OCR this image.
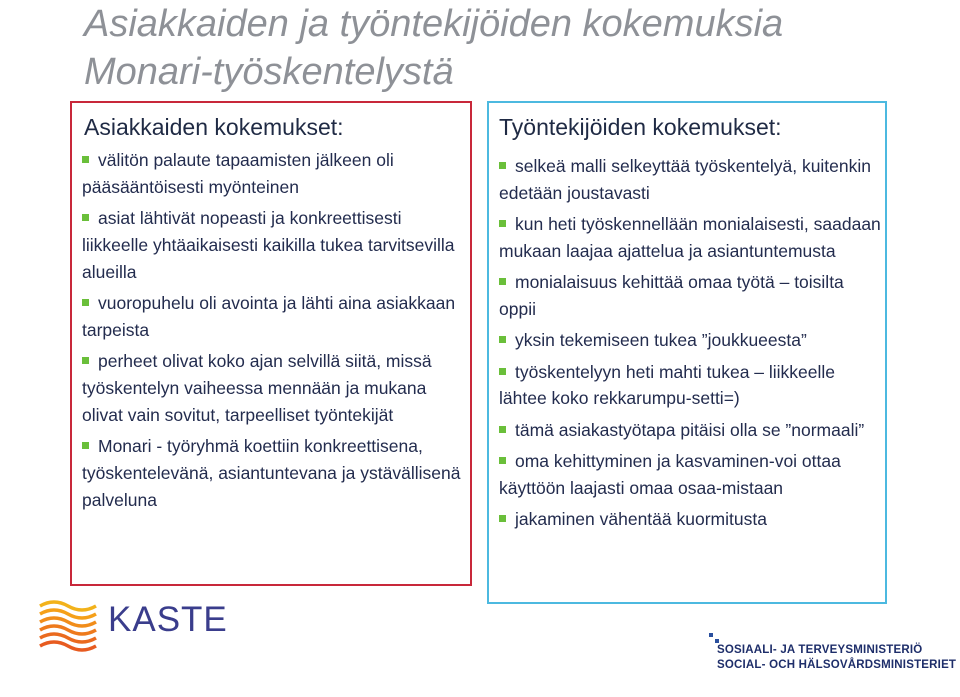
Asiakkaiden ja työntekijöiden kokemuksia
Monari-työskentelystä
Asiakkaiden kokemukset:
välitön palaute tapaamisten jälkeen oli pääsääntöisesti myönteinen
asiat lähtivät nopeasti ja konkreettisesti liikkeelle yhtäaikaisesti kaikilla tukea tarvitsevilla alueilla
vuoropuhelu oli avointa ja lähti aina asiakkaan tarpeista
perheet olivat koko ajan selvillä siitä, missä työskentelyn vaiheessa mennään ja mukana olivat vain sovitut, tarpeelliset työntekijät
Monari - työryhmä koettiin konkreettisena, työskentelevänä, asiantuntevana ja ystävällisenä palveluna
Työntekijöiden kokemukset:
selkeä malli selkeyttää työskentelyä, kuitenkin edetään joustavasti
kun heti työskennellään monialaisesti, saadaan mukaan laajaa ajattelua ja asiantuntemusta
monialaisuus kehittää omaa työtä – toisilta oppii
yksin tekemiseen tukea ”joukkueesta”
työskentelyyn heti mahti tukea – liikkeelle lähtee koko rekkarumpu-setti=)
tämä asiakastyötapa pitäisi olla se ”normaali”
oma kehittyminen ja kasvaminen-voi ottaa käyttöön laajasti omaa osaa-mistaan
jakaminen vähentää kuormitusta
KASTE
SOSIAALI- JA TERVEYSMINISTERIÖ
SOCIAL- OCH HÄLSOVÅRDSMINISTERIET
